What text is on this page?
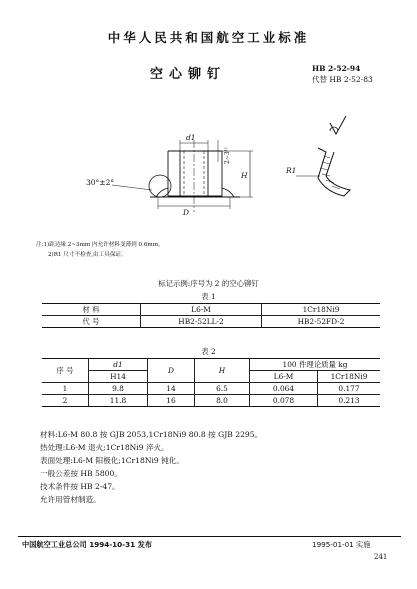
中华人民共和国航空工业标准
空心铆钉	HB 2-52-94
代替 HB 2-52-83
d1
H
D
R1
30°±2°
2~3¹⁾
注:1)距边缘 2~3mm 内允许材料变薄到 0.6mm。
2)R1 尺寸不检查,由工具保证。
标记示例:序号为 2 的空心铆钉
表 1
材 料	L6-M	1Cr18Ni9
代 号	HB2-52LL-2	HB2-52FD-2
表 2
序 号	d1	D	H	100 件理论质量 kg	
	H14			L6-M	1Cr18Ni9
1	9.8	14	6.5	0.064	0.177
2	11.8	16	8.0	0.078	0.213
材料:L6-M 80.8 按 GJB 2053,1Cr18Ni9 80.8 按 GJB 2295。
热处理:L6-M 退火;1Cr18Ni9 淬火。
表面处理:L6-M 阳极化;1Cr18Ni9 钝化。
一般公差按 HB 5800。
技术条件按 HB 2-47。
允许用管材制造。
中国航空工业总公司 1994-10-31 发布	1995-01-01 实施
241
